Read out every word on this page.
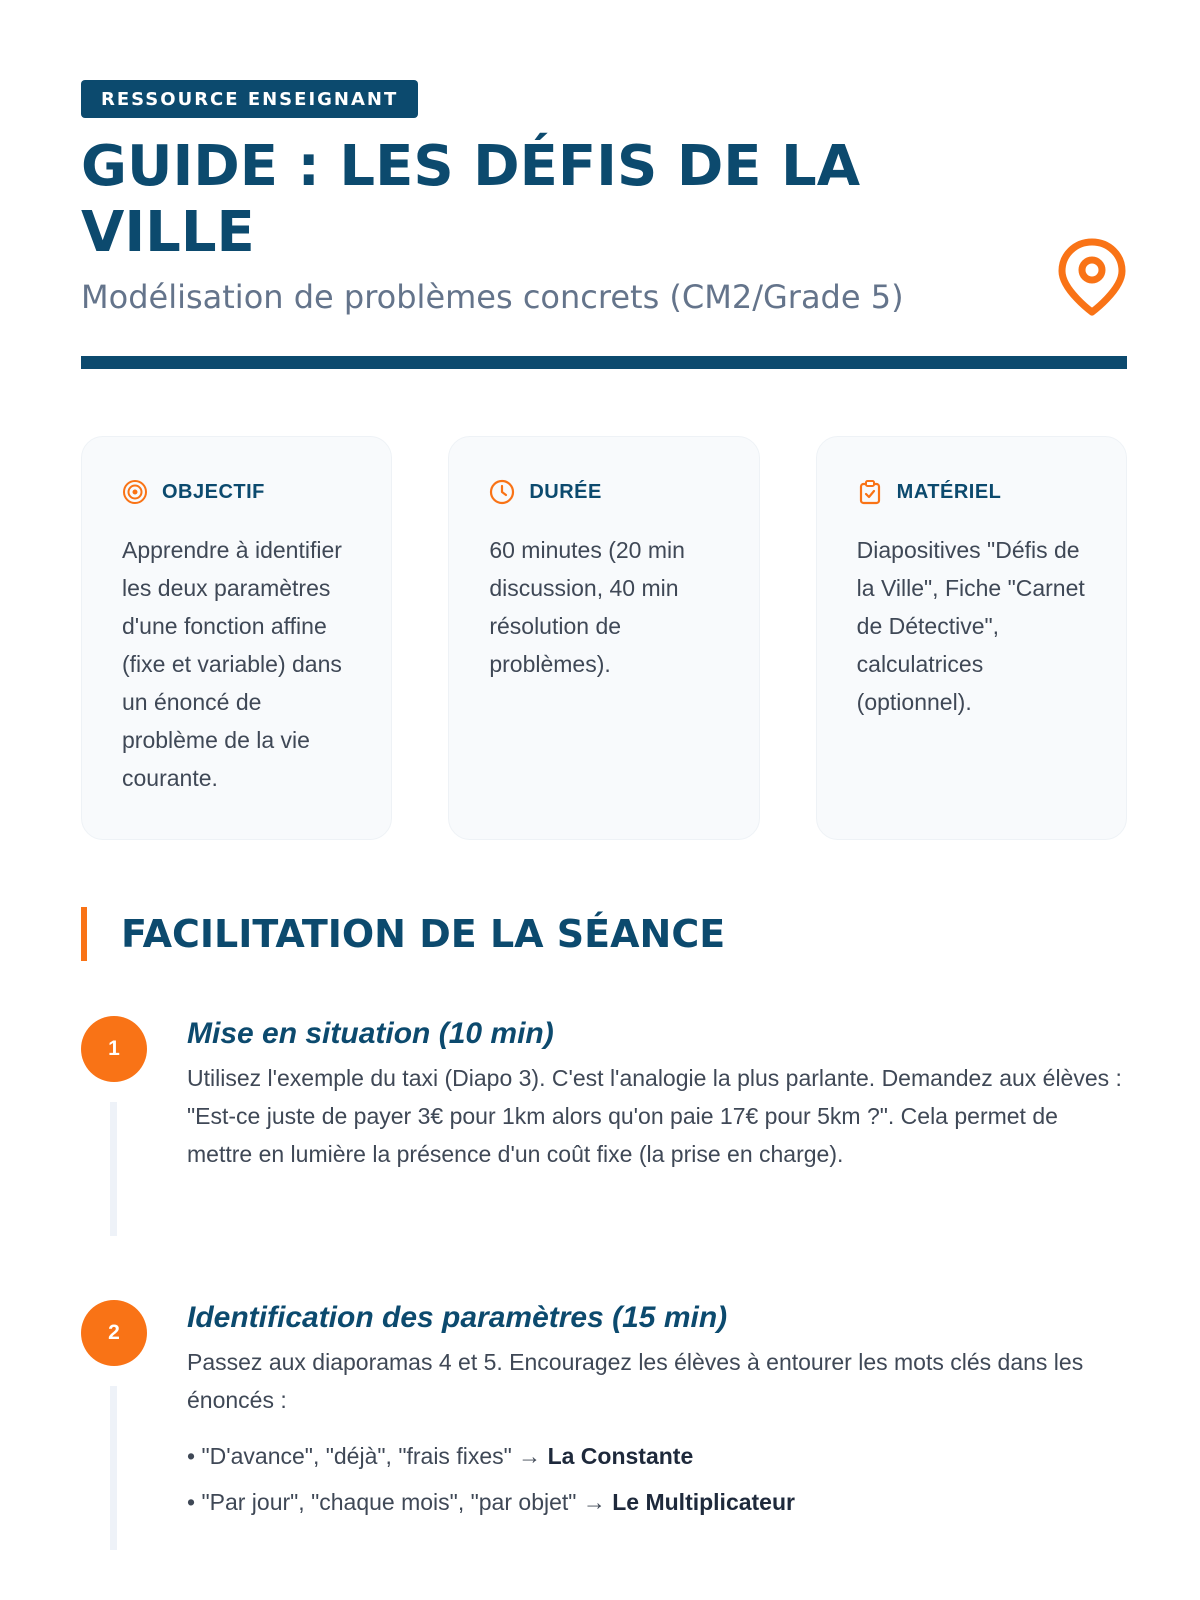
RESSOURCE ENSEIGNANT
GUIDE : LES DÉFIS DE LA VILLE
Modélisation de problèmes concrets (CM2/Grade 5)
OBJECTIF

Apprendre à identifier les deux paramètres d'une fonction affine (fixe et variable) dans un énoncé de problème de la vie courante.

DURÉE

60 minutes (20 min discussion, 40 min résolution de problèmes).

MATÉRIEL

Diapositives "Défis de la Ville", Fiche "Carnet de Détective", calculatrices (optionnel).

FACILITATION DE LA SÉANCE
1	Mise en situation (10 min)

Utilisez l'exemple du taxi (Diapo 3). C'est l'analogie la plus parlante. Demandez aux élèves : "Est-ce juste de payer 3€ pour 1km alors qu'on paie 17€ pour 5km ?". Cela permet de mettre en lumière la présence d'un coût fixe (la prise en charge).

2	Identification des paramètres (15 min)

Passez aux diaporamas 4 et 5. Encouragez les élèves à entourer les mots clés dans les énoncés :

• "D'avance", "déjà", "frais fixes" → La Constante
• "Par jour", "chaque mois", "par objet" → Le Multiplicateur
